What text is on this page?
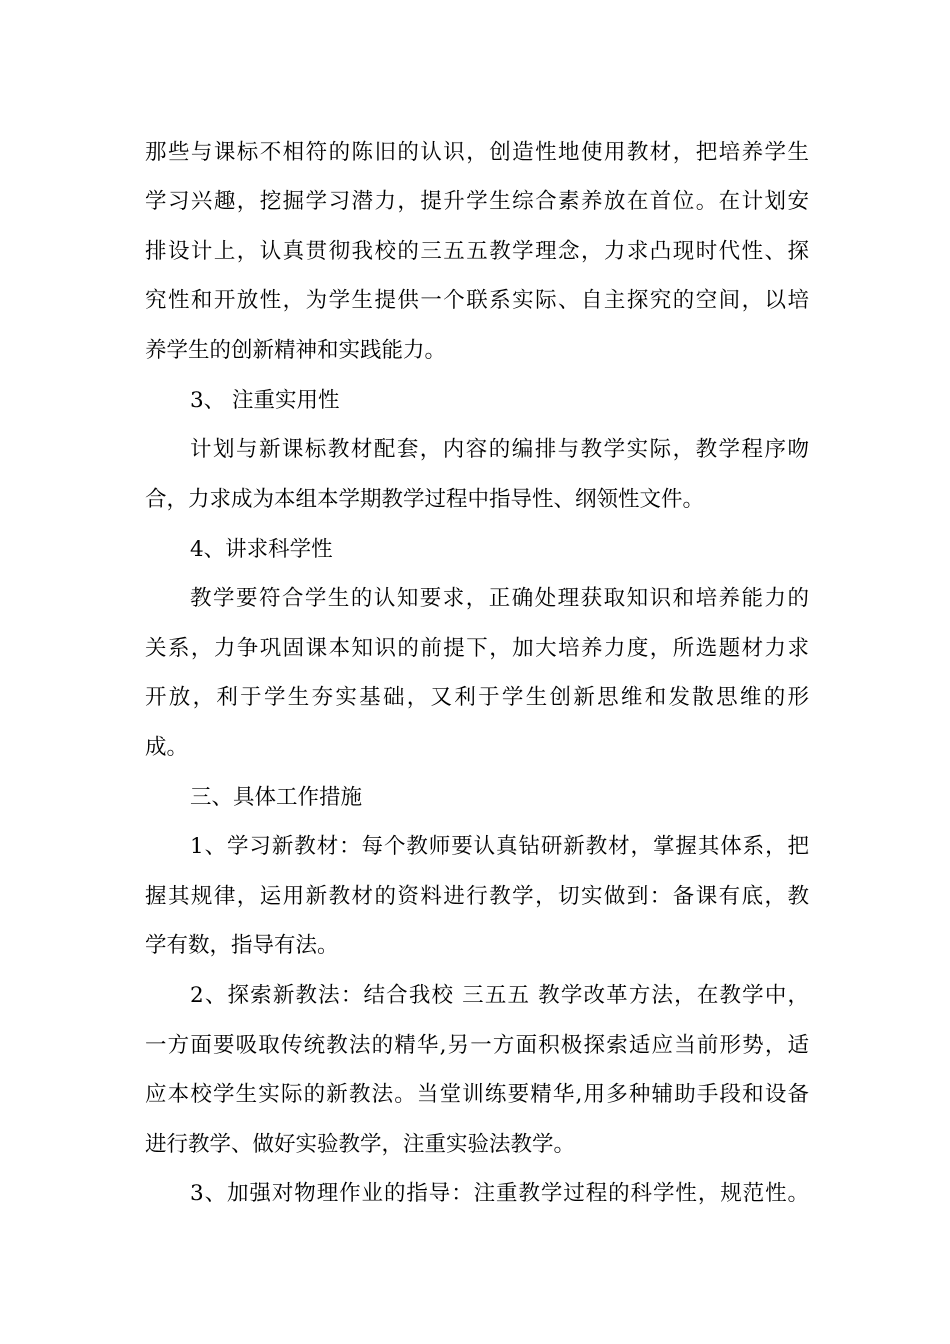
那些与课标不相符的陈旧的认识，创造性地使用教材，把培养学生
学习兴趣，挖掘学习潜力，提升学生综合素养放在首位。在计划安
排设计上，认真贯彻我校的三五五教学理念，力求凸现时代性、探
究性和开放性，为学生提供一个联系实际、自主探究的空间，以培
养学生的创新精神和实践能力。
3、 注重实用性
计划与新课标教材配套，内容的编排与教学实际，教学程序吻
合，力求成为本组本学期教学过程中指导性、纲领性文件。
4、讲求科学性
教学要符合学生的认知要求，正确处理获取知识和培养能力的
关系，力争巩固课本知识的前提下，加大培养力度，所选题材力求
开放，利于学生夯实基础，又利于学生创新思维和发散思维的形
成。
三、具体工作措施
1、学习新教材：每个教师要认真钻研新教材，掌握其体系，把
握其规律，运用新教材的资料进行教学，切实做到：备课有底，教
学有数，指导有法。
2、探索新教法：结合我校 三五五 教学改革方法，在教学中，
一方面要吸取传统教法的精华,另一方面积极探索适应当前形势，适
应本校学生实际的新教法。当堂训练要精华,用多种辅助手段和设备
进行教学、做好实验教学，注重实验法教学。
3、加强对物理作业的指导：注重教学过程的科学性，规范性。
